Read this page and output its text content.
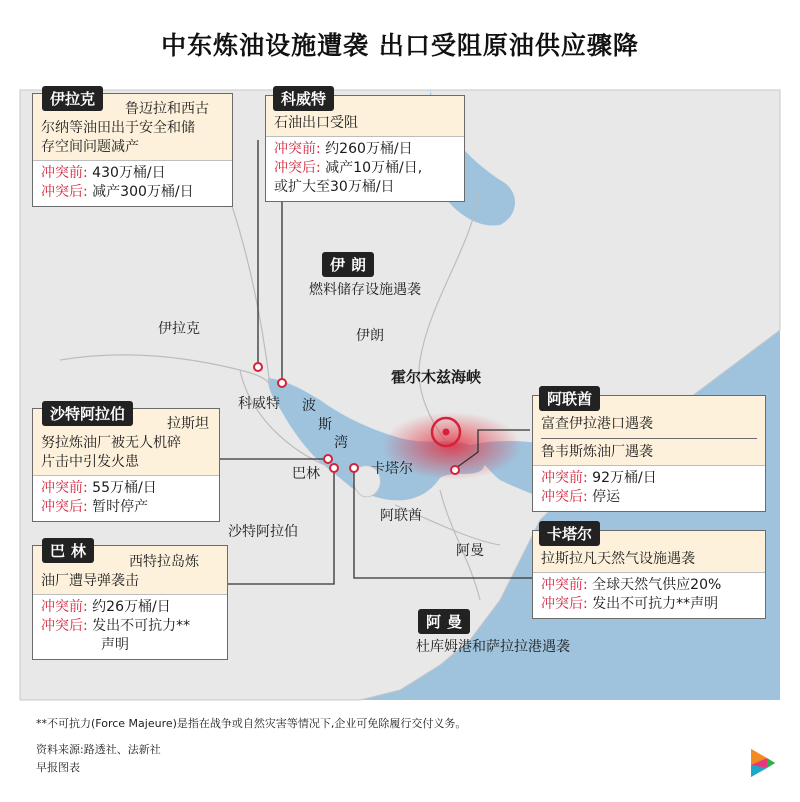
中东炼油设施遭袭 出口受阻原油供应骤降
伊拉克	伊朗
科威特 波
斯
湾
巴林	卡塔尔
沙特阿拉伯
阿联酋
阿曼
霍尔木兹海峡
鲁迈拉和西古
尔纳等油田出于安全和储
存空间问题减产
冲突前: 430万桶/日
冲突后: 减产300万桶/日
伊拉克
石油出口受阻
冲突前: 约260万桶/日
冲突后: 减产10万桶/日,
或扩大至30万桶/日
科威特
伊朗
燃料储存设施遇袭
拉斯坦
努拉炼油厂被无人机碎
片击中引发火患
冲突前: 55万桶/日
冲突后: 暂时停产
沙特阿拉伯
西特拉岛炼
油厂遭导弹袭击
冲突前: 约26万桶/日
冲突后: 发出不可抗力**
声明
巴林
富查伊拉港口遇袭
鲁韦斯炼油厂遇袭
冲突前: 92万桶/日
冲突后: 停运
阿联酋
拉斯拉凡天然气设施遇袭
冲突前: 全球天然气供应20%
冲突后: 发出不可抗力**声明
卡塔尔
阿曼
杜库姆港和萨拉拉港遇袭
**不可抗力(Force Majeure)是指在战争或自然灾害等情况下,企业可免除履行交付义务。
资料来源:路透社、法新社
早报图表
